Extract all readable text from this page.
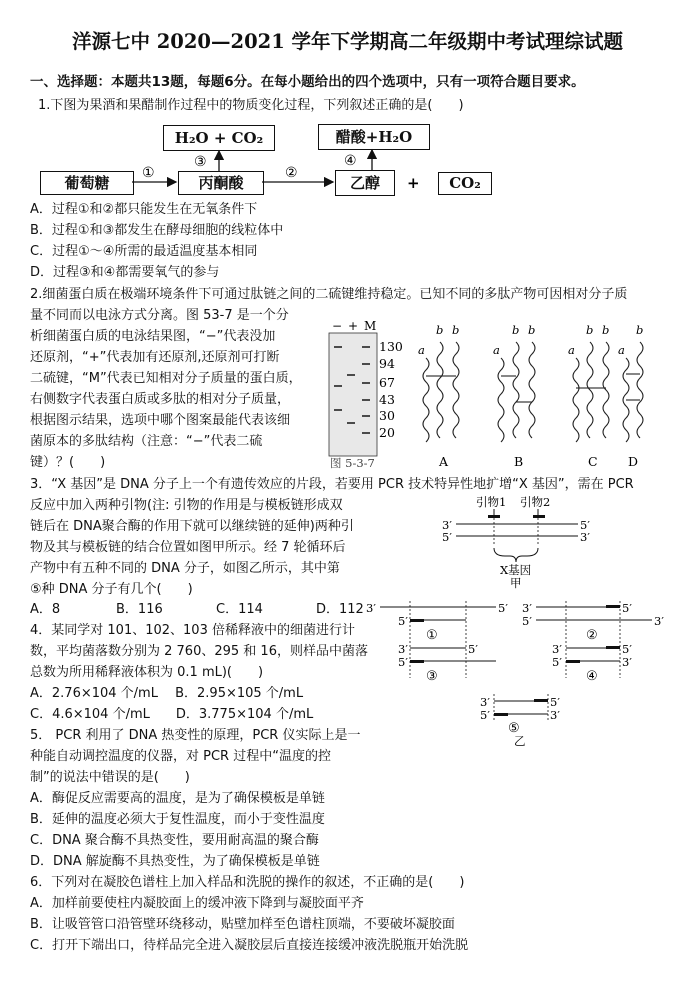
洋源七中 2020—2021 学年下学期高二年级期中考试理综试题
一、选择题：本题共13题，每题6分。在每小题给出的四个选项中，只有一项符合题目要求。
1.下图为果酒和果醋制作过程中的物质变化过程，下列叙述正确的是(　　)
H₂O + CO₂	醋酸+H₂O
葡萄糖	丙酮酸	乙醇	CO₂
①	②
③	④
+
A．过程①和②都只能发生在无氧条件下
B．过程①和③都发生在酵母细胞的线粒体中
C．过程①～④所需的最适温度基本相同
D．过程③和④都需要氧气的参与
2.细菌蛋白质在极端环境条件下可通过肽链之间的二硫键维持稳定。已知不同的多肽产物可因相对分子质
量不同而以电泳方式分离。图 53-7 是一个分
析细菌蛋白质的电泳结果图，“−”代表没加
还原剂，“+”代表加有还原剂,还原剂可打断
二硫键，“M”代表已知相对分子质量的蛋白质，
右侧数字代表蛋白质或多肽的相对分子质量，
根据图示结果，选项中哪个图案最能代表该细
菌原本的多肽结构（注意：“−”代表二硫
键）？(　　)
− + M
130
94
67
43
30
20
图 5-3-7
a
b b
a
b b
a
b b
a
b
A	B	C D
3．“X 基因”是 DNA 分子上一个有遗传效应的片段，若要用 PCR 技术特异性地扩增“X 基因”，需在 PCR
反应中加入两种引物(注: 引物的作用是与模板链形成双
链后在 DNA聚合酶的作用下就可以继续链的延伸)两种引
物及其与模板链的结合位置如图甲所示。经 7 轮循环后
产物中有五种不同的 DNA 分子，如图乙所示，其中第
⑤种 DNA 分子有几个(　　)
A．8	B．116	C．114	D．112
引物1 引物2
3′
5′
5′
3′
X基因
甲
3′	5′
5′
①
3′	5′
5′	3′
②
3′	5′
5′
③
3′	5′
5′	3′
④
3′	5′
5′	3′
⑤
乙
4．某同学对 101、102、103 倍稀释液中的细菌进行计
数，平均菌落数分别为 2 760、295 和 16，则样品中菌落
总数为所用稀释液体积为 0.1 mL)(　　)
A．2.76×104 个/mL　 B．2.95×105 个/mL
C．4.6×104 个/mL　　D．3.775×104 个/mL
5． PCR 利用了 DNA 热变性的原理，PCR 仪实际上是一
种能自动调控温度的仪器，对 PCR 过程中“温度的控
制”的说法中错误的是(　　)
A．酶促反应需要高的温度，是为了确保模板是单链
B．延伸的温度必须大于复性温度，而小于变性温度
C．DNA 聚合酶不具热变性，要用耐高温的聚合酶
D．DNA 解旋酶不具热变性，为了确保模板是单链
6．下列对在凝胶色谱柱上加入样品和洗脱的操作的叙述，不正确的是(　　)
A．加样前要使柱内凝胶面上的缓冲液下降到与凝胶面平齐
B．让吸管管口沿管壁环绕移动，贴壁加样至色谱柱顶端，不要破坏凝胶面
C．打开下端出口，待样品完全进入凝胶层后直接连接缓冲液洗脱瓶开始洗脱
